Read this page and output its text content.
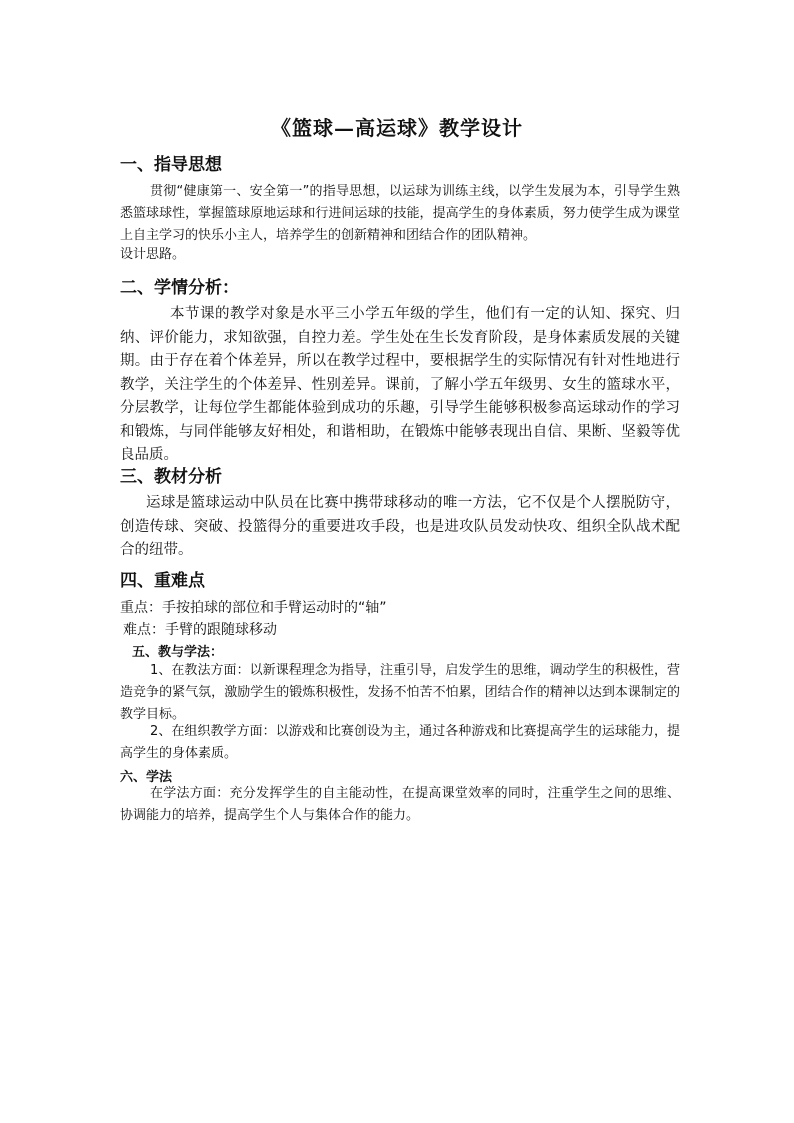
《篮球—高运球》教学设计
一、指导思想

贯彻“健康第一、安全第一”的指导思想，以运球为训练主线，以学生发展为本，引导学生熟悉篮球球性，掌握篮球原地运球和行进间运球的技能，提高学生的身体素质，努力使学生成为课堂上自主学习的快乐小主人，培养学生的创新精神和团结合作的团队精神。

设计思路。

二、学情分析：

本节课的教学对象是水平三小学五年级的学生，他们有一定的认知、探究、归纳、评价能力，求知欲强，自控力差。学生处在生长发育阶段，是身体素质发展的关键期。由于存在着个体差异，所以在教学过程中，要根据学生的实际情况有针对性地进行教学，关注学生的个体差异、性别差异。课前，了解小学五年级男、女生的篮球水平，分层教学，让每位学生都能体验到成功的乐趣，引导学生能够积极参高运球动作的学习和锻炼，与同伴能够友好相处，和谐相助，在锻炼中能够表现出自信、果断、坚毅等优良品质。

三、教材分析

运球是篮球运动中队员在比赛中携带球移动的唯一方法，它不仅是个人摆脱防守，创造传球、突破、投篮得分的重要进攻手段，也是进攻队员发动快攻、组织全队战术配合的纽带。

四、重难点
重点：手按拍球的部位和手臂运动时的“轴”
难点：手臂的跟随球移动
五、教与学法：

1、在教法方面：以新课程理念为指导，注重引导，启发学生的思维，调动学生的积极性，营造竞争的紧气氛，激励学生的锻炼积极性，发扬不怕苦不怕累，团结合作的精神以达到本课制定的教学目标。

2、在组织教学方面：以游戏和比赛创设为主，通过各种游戏和比赛提高学生的运球能力，提高学生的身体素质。

六、学法

在学法方面：充分发挥学生的自主能动性，在提高课堂效率的同时，注重学生之间的思维、协调能力的培养，提高学生个人与集体合作的能力。
